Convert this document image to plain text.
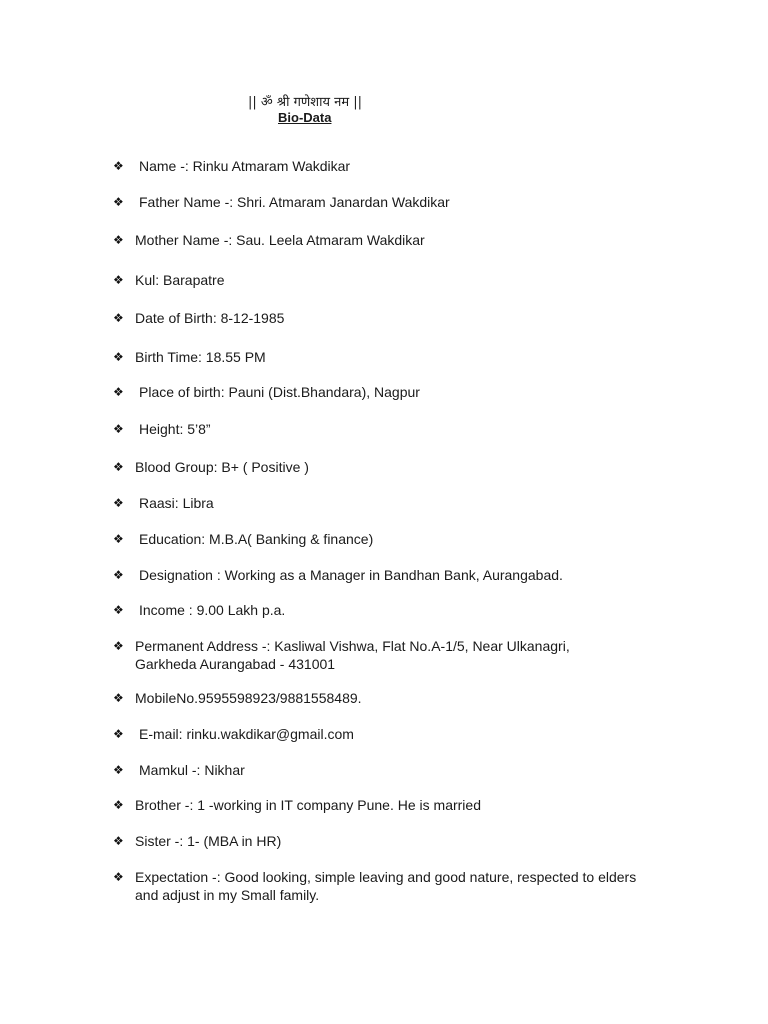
|| ॐ श्री गणेशाय नम ||
Bio-Data
❖ Name -: Rinku Atmaram Wakdikar
❖ Father Name -: Shri. Atmaram Janardan Wakdikar
❖ Mother Name -: Sau. Leela Atmaram Wakdikar
❖ Kul: Barapatre
❖ Date of Birth: 8-12-1985
❖ Birth Time: 18.55 PM
❖ Place of birth: Pauni (Dist.Bhandara), Nagpur
❖ Height: 5’8”
❖ Blood Group: B+ ( Positive )
❖ Raasi: Libra
❖ Education: M.B.A( Banking & finance)
❖ Designation : Working as a Manager in Bandhan Bank, Aurangabad.
❖ Income : 9.00 Lakh p.a.
❖ Permanent Address -: Kasliwal Vishwa, Flat No.A-1/5, Near Ulkanagri, Garkheda Aurangabad - 431001
❖ MobileNo.9595598923/9881558489.
❖ E-mail: rinku.wakdikar@gmail.com
❖ Mamkul -: Nikhar
❖ Brother -: 1 -working in IT company Pune. He is married
❖ Sister -: 1- (MBA in HR)
❖ Expectation -: Good looking, simple leaving and good nature, respected to elders and adjust in my Small family.
